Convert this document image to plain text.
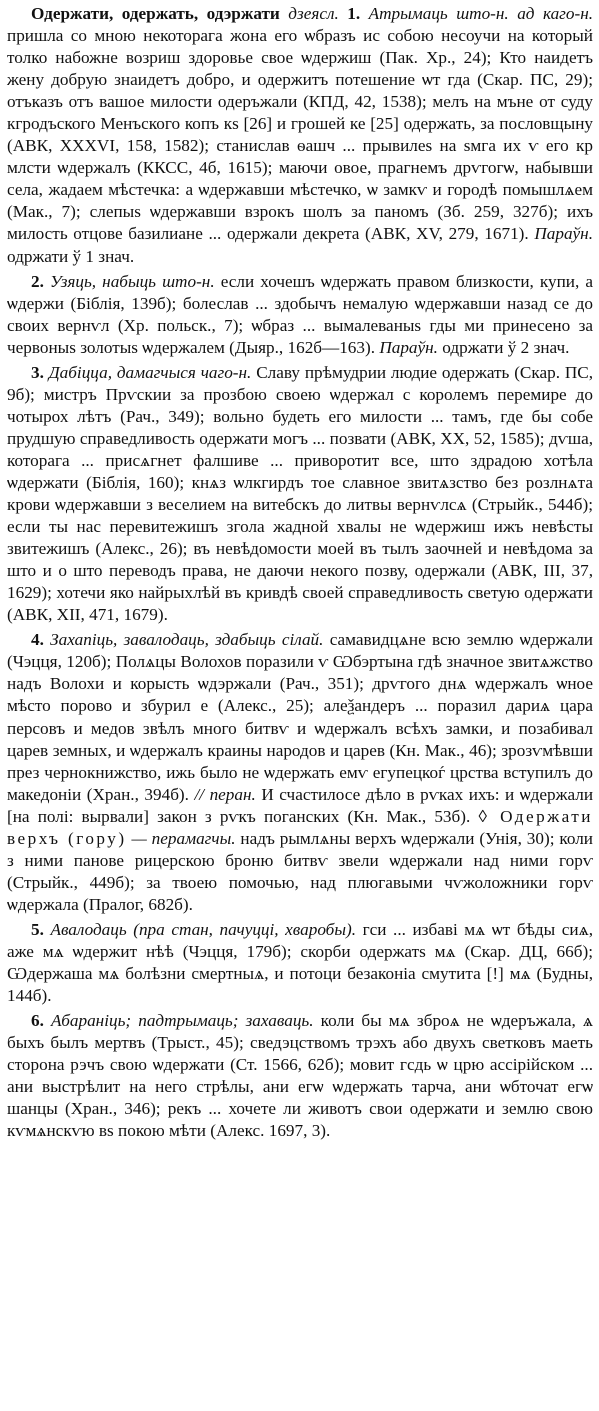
Одержати, одержать, одэржати дзеясл. 1. Атрымаць што-н. ад каго-н. пришла со мною некоторага жона его ѡбразъ ис собою несоучи на который толко набожне возриш здоровье свое ѡдержиш (Пак. Хр., 24); Кто наидетъ жену добрую знаидетъ добро, и одержитъ потешение ѡт гда (Скар. ПС, 29); отъказъ отъ вашое милости одеръжали (КПД, 42, 1538); мелъ на мъне от суду кгродъского Менъского копъ кѕ [26] и грошей ке [25] одержать, за пословщыну (АВК, XXXVI, 158, 1582); станислав ѳашч ... прывилеѕ на ѕмга их ѵ его кр млсти ѡдержалъ (ККСС, 4б, 1615); маючи овое, прагнемъ дрѵгогѡ, набывши села, жадаем мѣстечка: а ѡдержавши мѣстечко, ѡ замкѵ и городѣ помышлѧем (Мак., 7); слепыѕ ѡдержавши взрокъ шолъ за паномъ (Зб. 259, 327б); ихъ милость отцове базилиане ... одержали декрета (АВК, XV, 279, 1671). Параўн. одржати ў 1 знач.

2. Узяць, набыць што-н. если хочешъ ѡдержать правом близкости, купи, а ѡдержи (Біблія, 139б); болеслав ... здобычъ немалую ѡдержавши назад се до своих вернѵл (Хр. польск., 7); ѡбраз ... вымалеваныѕ гды ми принесено за червоныѕ золотыѕ ѡдержалем (Дыяр., 162б—163). Параўн. одржати ў 2 знач.

3. Дабіцца, дамагчыся чаго-н. Славу прѣмудрии людие одержать (Скар. ПС, 9б); мистръ Прѵскии за прозбою своею ѡдержал с королемъ перемире до чотырох лѣтъ (Рач., 349); вольно будеть его милости ... тамъ, где бы собе прудшую справедливость одержати могъ ... позвати (АВК, XX, 52, 1585); дѵша, которага ... присѧгнет фалшиве ... приворотит все, што здрадою хотѣла ѡдержати (Біблія, 160); кнѧз ѡлкгирдъ тое славное звитѧзство без розлнѧта крови ѡдержавши з веселием на витебскъ до литвы вернѵлсѧ (Стрыйк., 544б); если ты нас перевитежишъ згола жадной хвалы не ѡдержиш ижъ невѣсты звитежишъ (Алекс., 26); въ невѣдомости моей въ тылъ заочней и невѣдома за што и о што переводъ права, не даючи некого позву, одержали (АВК, III, 37, 1629); хотечи яко найрыхлѣй въ кривдѣ своей справедливость светую одержати (АВК, XII, 471, 1679).

4. Захапіць, завалодаць, здабыць сілай. самавидцѧне всю землю ѡдержали (Чэцця, 120б); Полѧцы Волохов поразили ѵ Ѡбэртына гдѣ значное звитѧжство надъ Волохи и корысть ѡдэржали (Рач., 351); дрѵгого днѧ ѡдержалъ ѡное мѣсто порово и збурил е (Алекс., 25); алеѯандеръ ... поразил дариѧ цара персовъ и медов звѣлъ много битвѵ и ѡдержалъ всѣхъ замки, и позабивал царев земных, и ѡдержалъ краины народов и царев (Кн. Мак., 46); зрозѵмѣвши през чернокнижство, ижь было не ѡдержать емѵ егупецкоѓ црства вступилъ до македоніи (Хран., 394б). // перан. И счастилосе дѣло в рѵках ихъ: и ѡдержали [на полі: вырвали] закон з рѵкъ поганских (Кн. Мак., 53б). ◊ Одержати верхъ (гору) — перамагчы. надъ рымлѧны верхъ ѡдержали (Унія, 30); коли з ними панове рицерскою броню битвѵ звели ѡдержали над ними горѵ (Стрыйк., 449б); за твоею помочью, над плюгавыми чѵжоложники горѵ ѡдержала (Пралог, 682б).

5. Авалодаць (пра стан, пачуцці, хваробы). гси ... избаві мѧ ѡт бѣды сиѧ, аже мѧ ѡдержит нѣѣ (Чэцця, 179б); скорби одержатѕ мѧ (Скар. ДЦ, 66б); Ѡдержаша мѧ болѣзни смертныѧ, и потоци безаконіа смутита [!] мѧ (Будны, 144б).

6. Абараніць; падтрымаць; захаваць. коли бы мѧ зброѧ не ѡдеръжала, ѧ быхъ былъ мертвъ (Трыст., 45); сведэцствомъ трэхъ або двухъ светковъ маеть сторона рэчъ свою ѡдержати (Ст. 1566, 62б); мовит гсдь ѡ црю ассірійском ... ани выстрѣлит на него стрѣлы, ани егѡ ѡдержать тарча, ани ѡбточат егѡ шанцы (Хран., 346); рекъ ... хочете ли животъ свои одержати и землю свою кѵмѧнскѵю вѕ покою мѣти (Алекс. 1697, 3).
